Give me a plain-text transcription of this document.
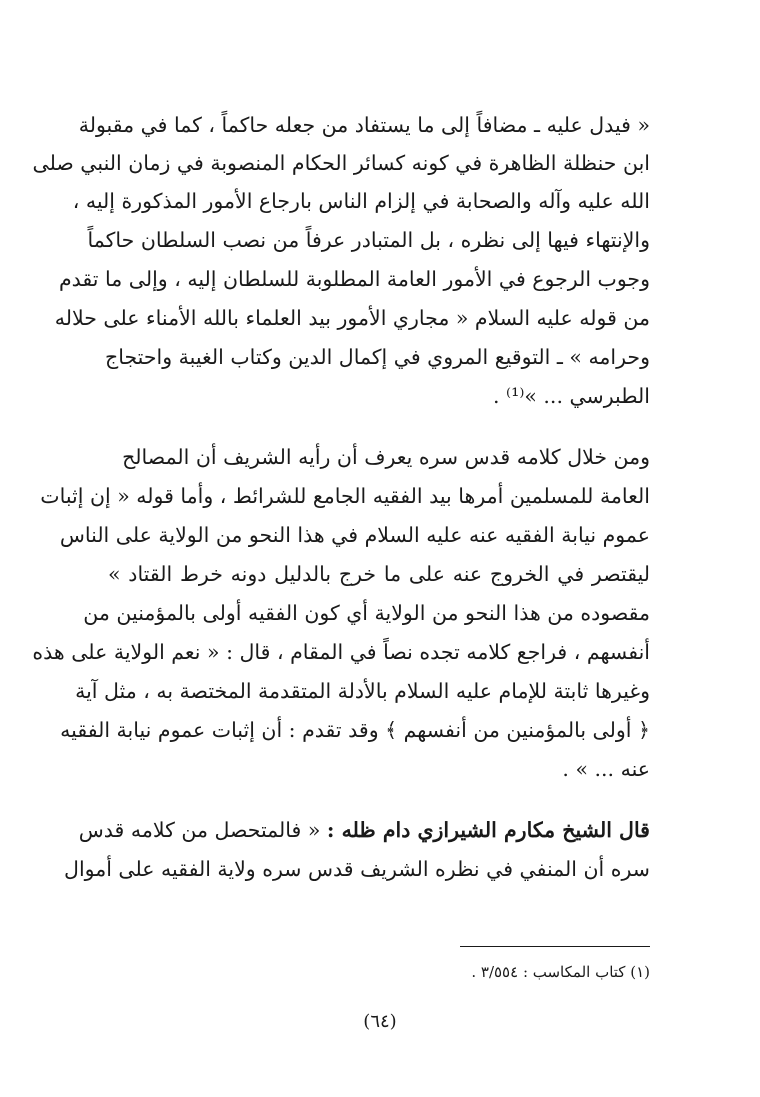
« فيدل عليه ـ مضافاً إلى ما يستفاد من جعله حاكماً ، كما في مقبولة
ابن حنظلة الظاهرة في كونه كسائر الحكام المنصوبة في زمان النبي صلى
الله عليه وآله والصحابة في إلزام الناس بارجاع الأمور المذكورة إليه ،
والإنتهاء فيها إلى نظره ، بل المتبادر عرفاً من نصب السلطان حاكماً
وجوب الرجوع في الأمور العامة المطلوبة للسلطان إليه ، وإلى ما تقدم
من قوله عليه السلام « مجاري الأمور بيد العلماء بالله الأمناء على حلاله
وحرامه » ـ التوقيع المروي في إكمال الدين وكتاب الغيبة واحتجاج
الطبرسي ... »⁽¹⁾ .
ومن خلال كلامه قدس سره يعرف أن رأيه الشريف أن المصالح
العامة للمسلمين أمرها بيد الفقيه الجامع للشرائط ، وأما قوله « إن إثبات
عموم نيابة الفقيه عنه عليه السلام في هذا النحو من الولاية على الناس
ليقتصر في الخروج عنه على ما خرج بالدليل دونه خرط القتاد »
مقصوده من هذا النحو من الولاية أي كون الفقيه أولى بالمؤمنين من
أنفسهم ، فراجع كلامه تجده نصاً في المقام ، قال : « نعم الولاية على هذه
وغيرها ثابتة للإمام عليه السلام بالأدلة المتقدمة المختصة به ، مثل آية
﴿ أولى بالمؤمنين من أنفسهم ﴾ وقد تقدم : أن إثبات عموم نيابة الفقيه
عنه ... » .
قال الشيخ مكارم الشيرازي دام ظله : « فالمتحصل من كلامه قدس
سره أن المنفي في نظره الشريف قدس سره ولاية الفقيه على أموال
(١) كتاب المكاسب : ٣/٥٥٤ .
(٦٤)
